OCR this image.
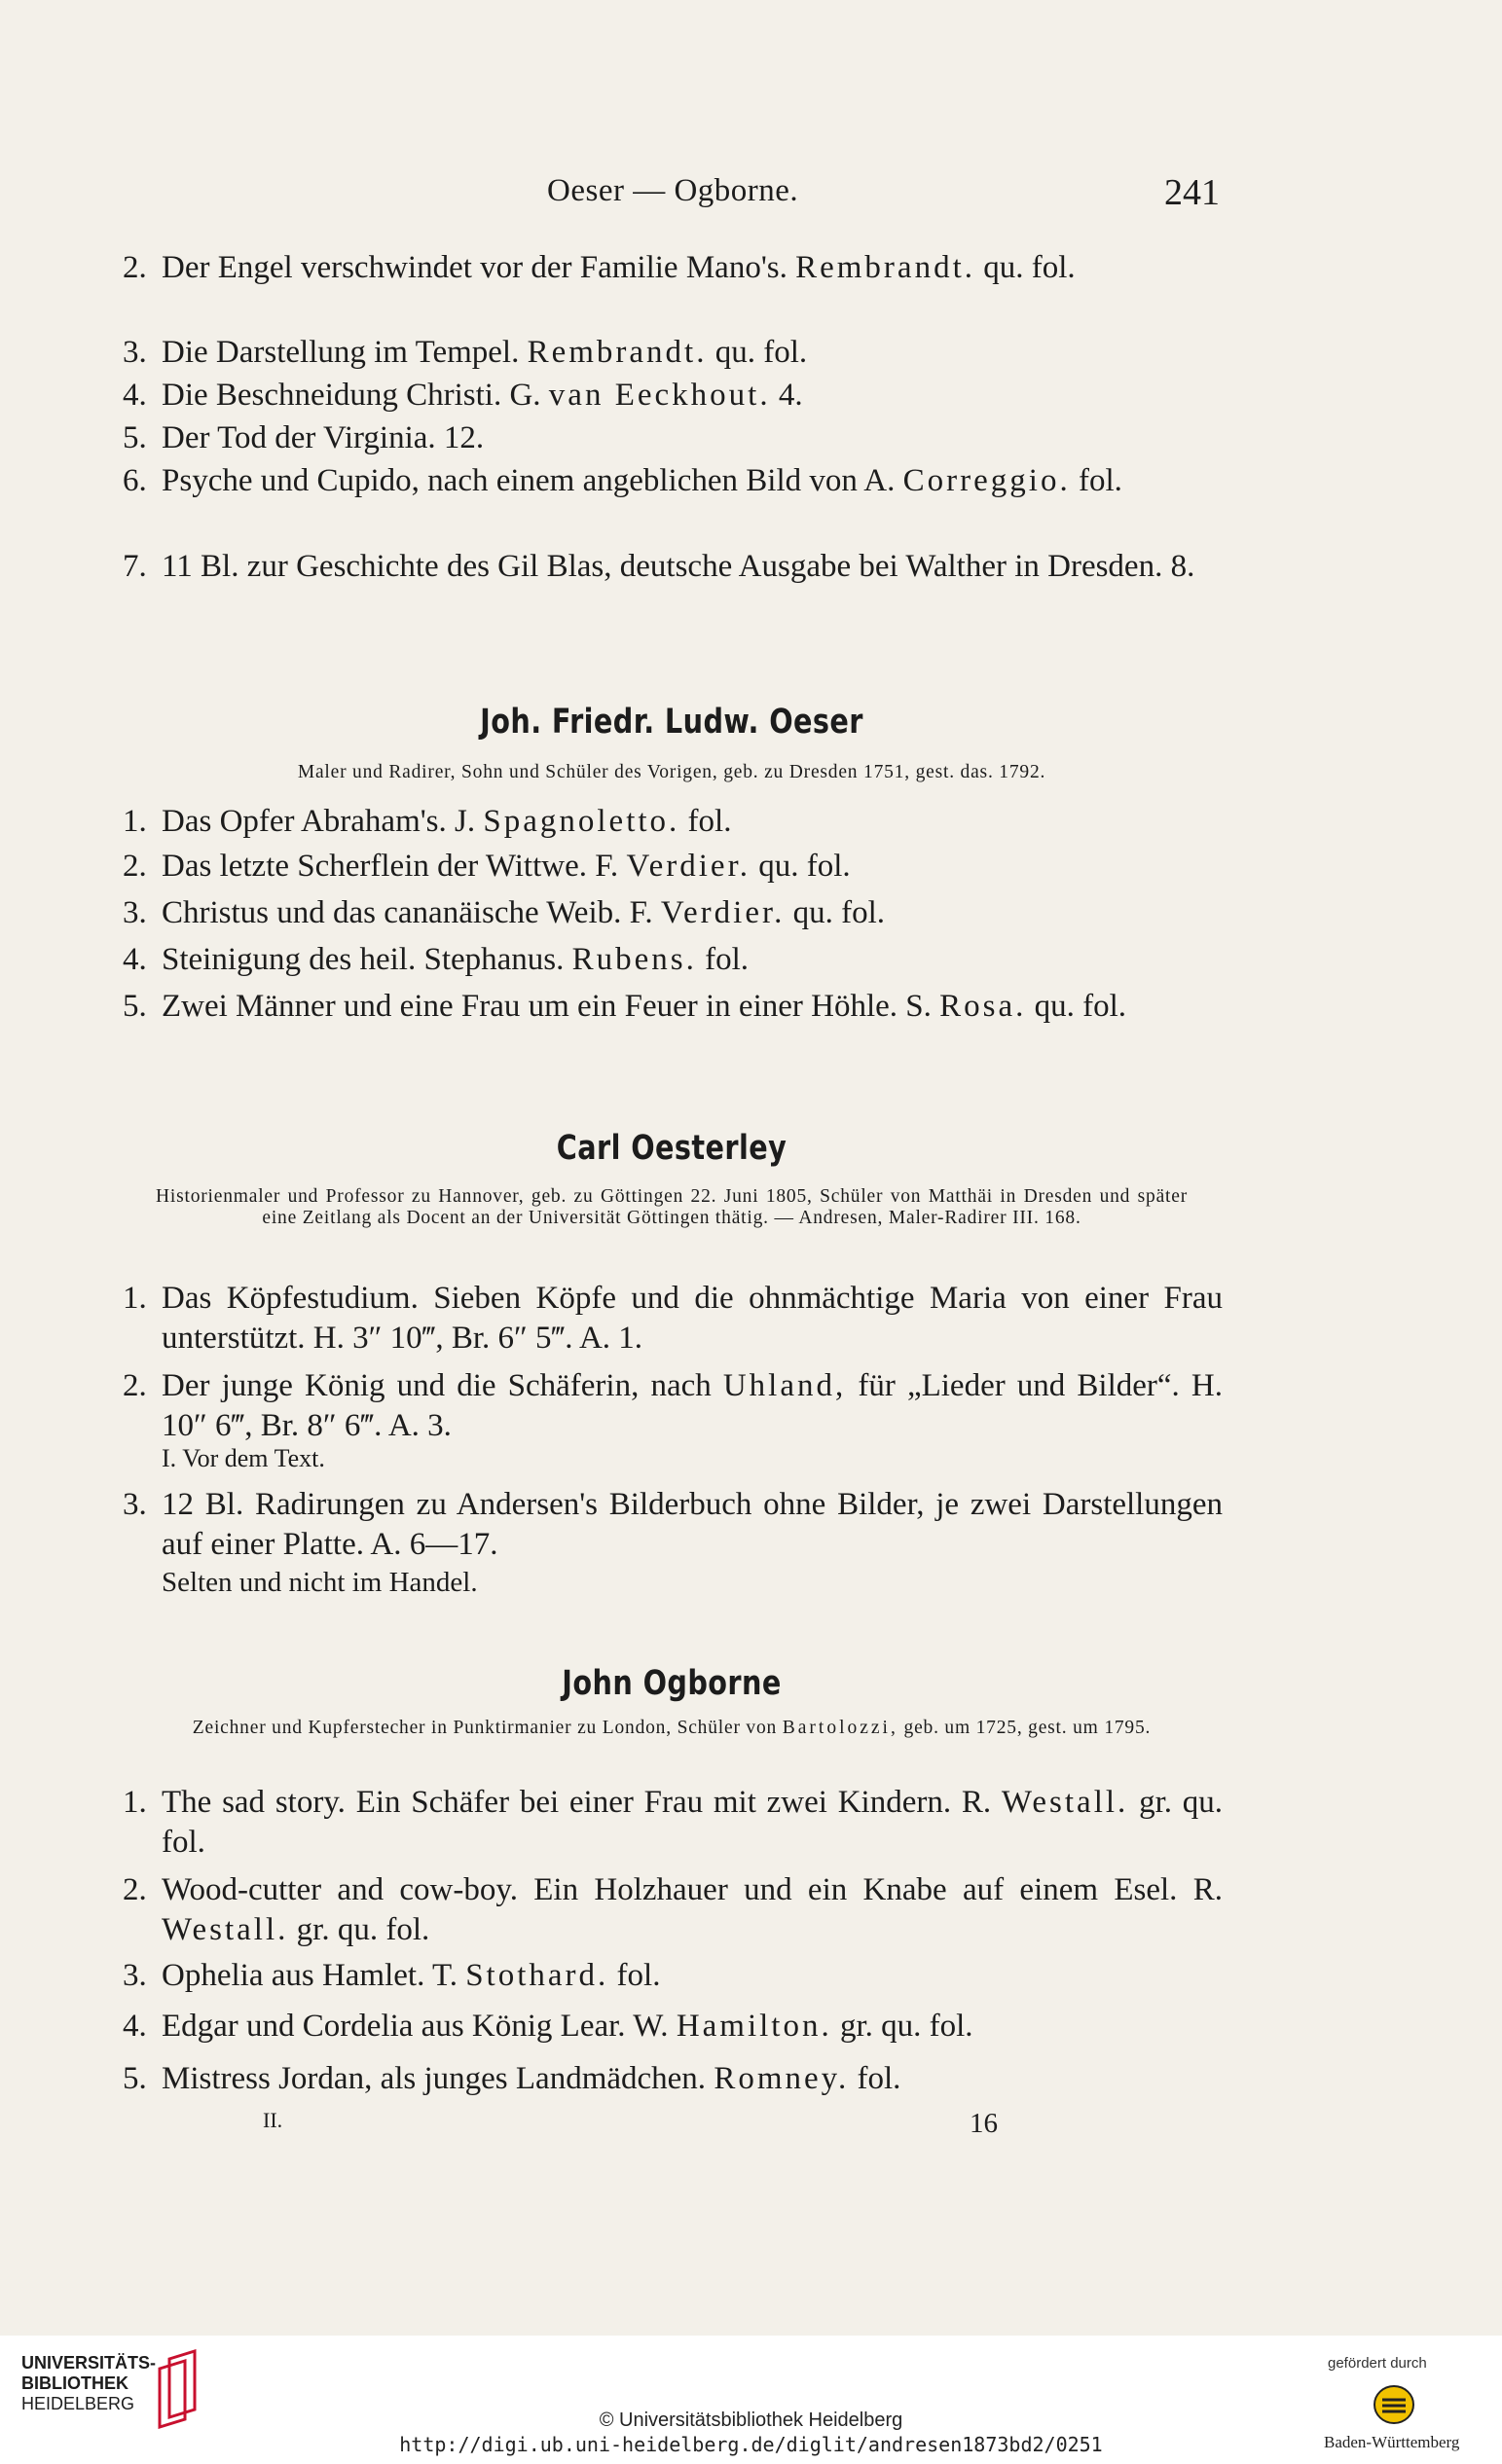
Oeser — Ogborne.	241
2. Der Engel verschwindet vor der Familie Mano's. Rembrandt. qu. fol.
3. Die Darstellung im Tempel. Rembrandt. qu. fol.
4. Die Beschneidung Christi. G. van Eeckhout. 4.
5. Der Tod der Virginia. 12.
6. Psyche und Cupido, nach einem angeblichen Bild von A. Correggio. fol.
7. 11 Bl. zur Geschichte des Gil Blas, deutsche Ausgabe bei Walther in Dresden. 8.
Joh. Friedr. Ludw. Oeser
Maler und Radirer, Sohn und Schüler des Vorigen, geb. zu Dresden 1751, gest. das. 1792.
1. Das Opfer Abraham's. J. Spagnoletto. fol.
2. Das letzte Scherflein der Wittwe. F. Verdier. qu. fol.
3. Christus und das cananäische Weib. F. Verdier. qu. fol.
4. Steinigung des heil. Stephanus. Rubens. fol.
5. Zwei Männer und eine Frau um ein Feuer in einer Höhle. S. Rosa. qu. fol.
Carl Oesterley
Historienmaler und Professor zu Hannover, geb. zu Göttingen 22. Juni 1805, Schüler von Matthäi in Dresden und später eine Zeitlang als Docent an der Universität Göttingen thätig. — Andresen, Maler-Radirer III. 168.
1. Das Köpfestudium. Sieben Köpfe und die ohnmächtige Maria von einer Frau unterstützt. H. 3″ 10‴, Br. 6″ 5‴. A. 1.
2. Der junge König und die Schäferin, nach Uhland, für „Lieder und Bilder“. H. 10″ 6‴, Br. 8″ 6‴. A. 3.
I. Vor dem Text.
3. 12 Bl. Radirungen zu Andersen's Bilderbuch ohne Bilder, je zwei Darstellungen auf einer Platte. A. 6—17.
Selten und nicht im Handel.
John Ogborne
Zeichner und Kupferstecher in Punktirmanier zu London, Schüler von Bartolozzi, geb. um 1725, gest. um 1795.
1. The sad story. Ein Schäfer bei einer Frau mit zwei Kindern. R. Westall. gr. qu. fol.
2. Wood-cutter and cow-boy. Ein Holzhauer und ein Knabe auf einem Esel. R. Westall. gr. qu. fol.
3. Ophelia aus Hamlet. T. Stothard. fol.
4. Edgar und Cordelia aus König Lear. W. Hamilton. gr. qu. fol.
5. Mistress Jordan, als junges Landmädchen. Romney. fol.
II.	16
UNIVERSITÄTS-
BIBLIOTHEK
HEIDELBERG
© Universitätsbibliothek Heidelberg
http://digi.ub.uni-heidelberg.de/diglit/andresen1873bd2/0251
gefördert durch
Baden-Württemberg
